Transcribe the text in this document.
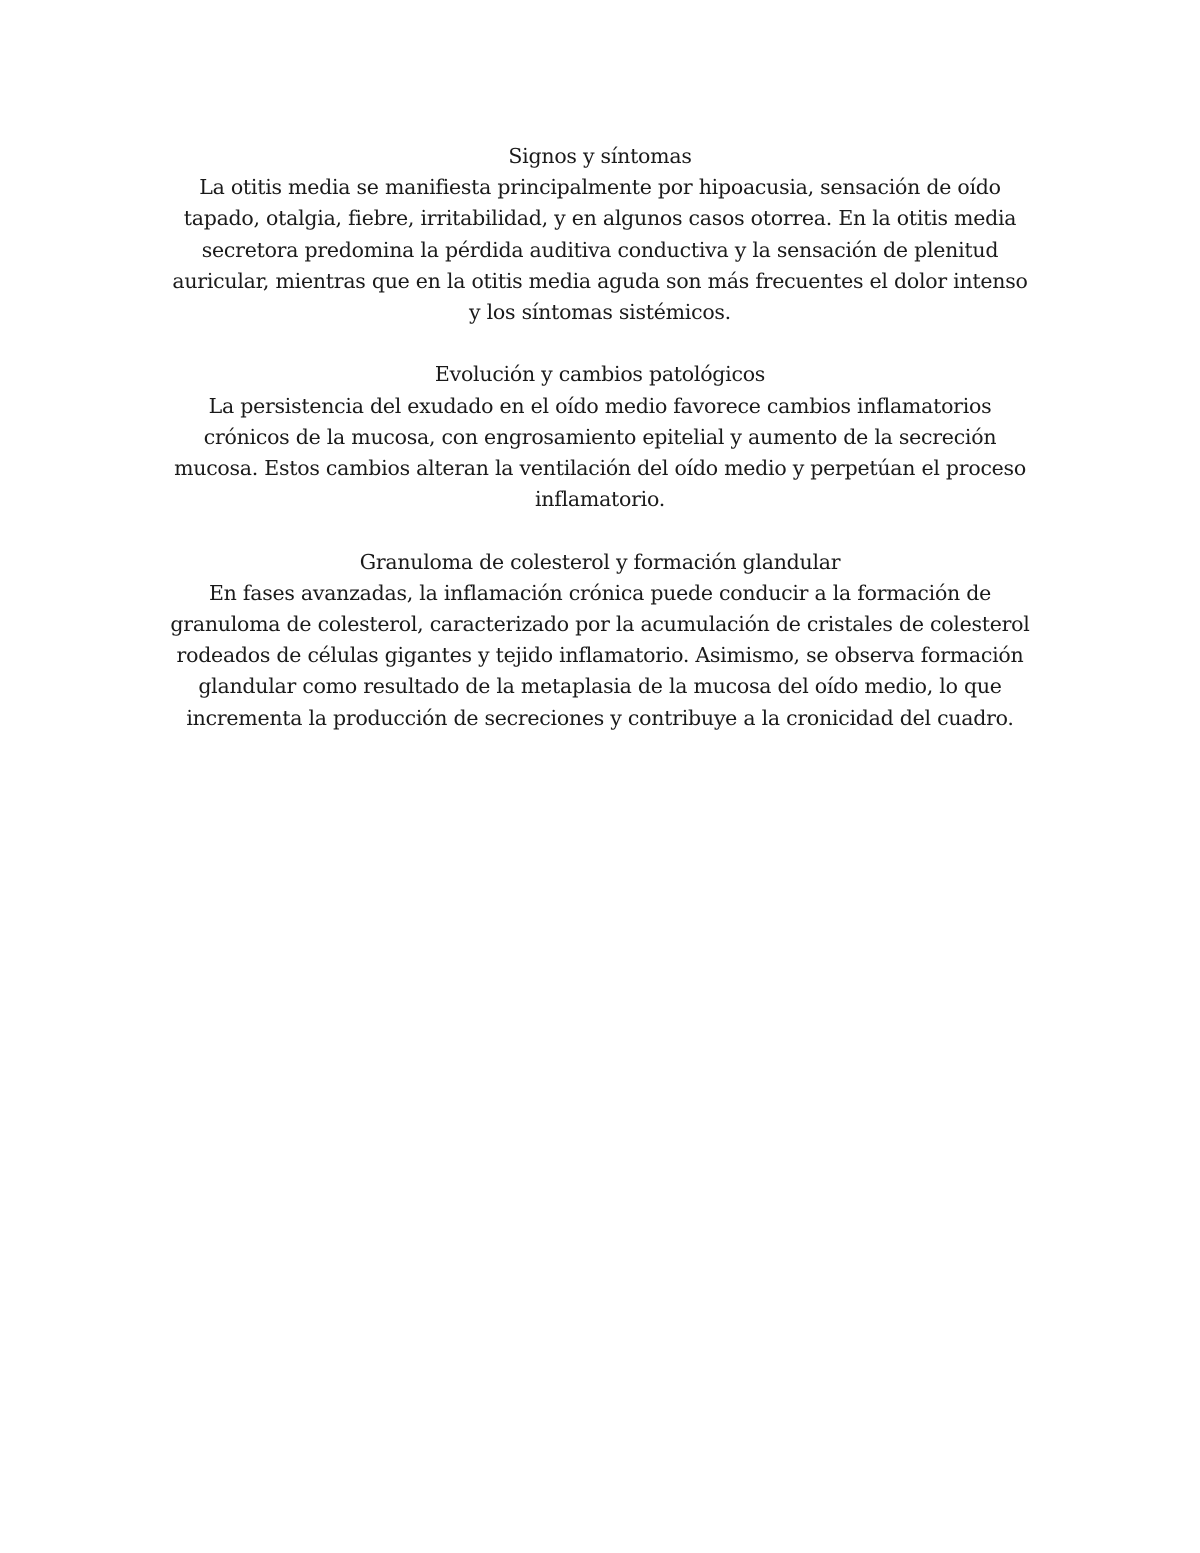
Signos y síntomas

La otitis media se manifiesta principalmente por hipoacusia, sensación de oído tapado, otalgia, fiebre, irritabilidad, y en algunos casos otorrea. En la otitis media secretora predomina la pérdida auditiva conductiva y la sensación de plenitud auricular, mientras que en la otitis media aguda son más frecuentes el dolor intenso y los síntomas sistémicos.

Evolución y cambios patológicos

La persistencia del exudado en el oído medio favorece cambios inflamatorios crónicos de la mucosa, con engrosamiento epitelial y aumento de la secreción mucosa. Estos cambios alteran la ventilación del oído medio y perpetúan el proceso inflamatorio.

Granuloma de colesterol y formación glandular

En fases avanzadas, la inflamación crónica puede conducir a la formación de granuloma de colesterol, caracterizado por la acumulación de cristales de colesterol rodeados de células gigantes y tejido inflamatorio. Asimismo, se observa formación glandular como resultado de la metaplasia de la mucosa del oído medio, lo que incrementa la producción de secreciones y contribuye a la cronicidad del cuadro.
